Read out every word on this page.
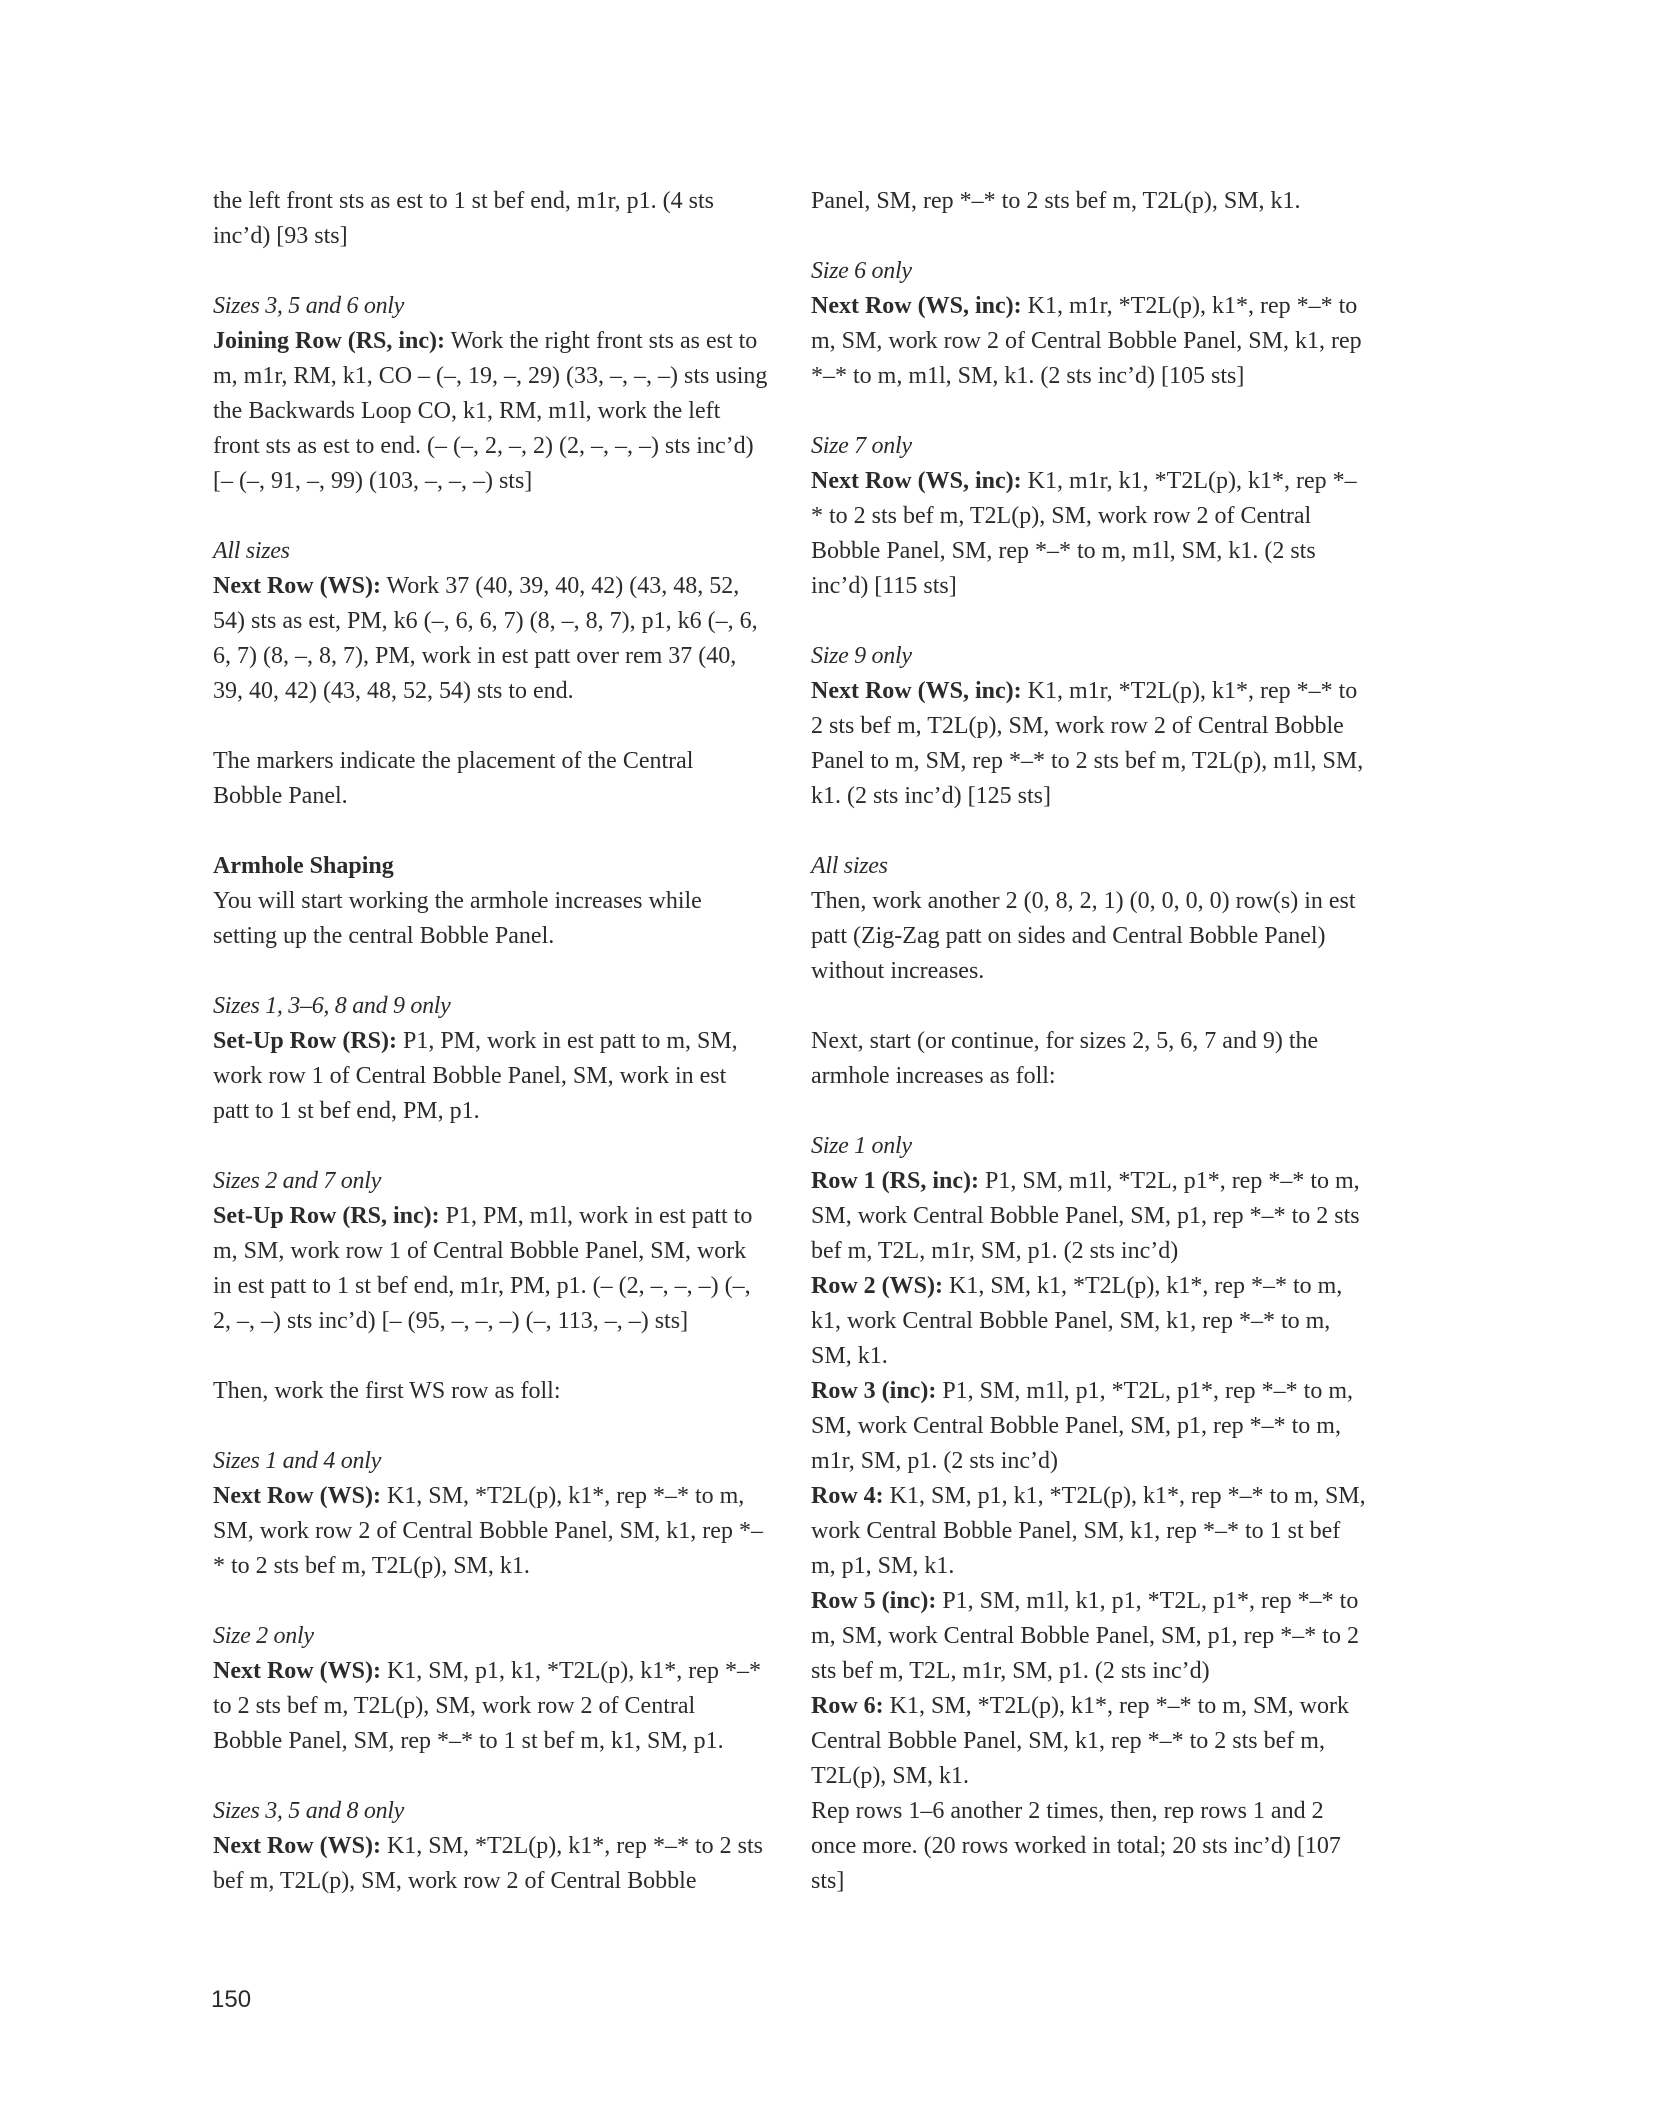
the left front sts as est to 1 st bef end, m1r, p1. (4 sts inc’d) [93 sts]

Sizes 3, 5 and 6 only

Joining Row (RS, inc): Work the right front sts as est to m, m1r, RM, k1, CO – (–, 19, –, 29) (33, –, –, –) sts using the Backwards Loop CO, k1, RM, m1l, work the left front sts as est to end. (– (–, 2, –, 2) (2, –, –, –) sts inc’d) [– (–, 91, –, 99) (103, –, –, –) sts]

All sizes

Next Row (WS): Work 37 (40, 39, 40, 42) (43, 48, 52, 54) sts as est, PM, k6 (–, 6, 6, 7) (8, –, 8, 7), p1, k6 (–, 6, 6, 7) (8, –, 8, 7), PM, work in est patt over rem 37 (40, 39, 40, 42) (43, 48, 52, 54) sts to end.

The markers indicate the placement of the Central Bobble Panel.

Armhole Shaping

You will start working the armhole increases while setting up the central Bobble Panel.

Sizes 1, 3–6, 8 and 9 only

Set-Up Row (RS): P1, PM, work in est patt to m, SM, work row 1 of Central Bobble Panel, SM, work in est patt to 1 st bef end, PM, p1.

Sizes 2 and 7 only

Set-Up Row (RS, inc): P1, PM, m1l, work in est patt to m, SM, work row 1 of Central Bobble Panel, SM, work in est patt to 1 st bef end, m1r, PM, p1. (– (2, –, –, –) (–, 2, –, –) sts inc’d) [– (95, –, –, –) (–, 113, –, –) sts]

Then, work the first WS row as foll:

Sizes 1 and 4 only

Next Row (WS): K1, SM, *T2L(p), k1*, rep *–* to m, SM, work row 2 of Central Bobble Panel, SM, k1, rep *–* to 2 sts bef m, T2L(p), SM, k1.

Size 2 only

Next Row (WS): K1, SM, p1, k1, *T2L(p), k1*, rep *–* to 2 sts bef m, T2L(p), SM, work row 2 of Central Bobble Panel, SM, rep *–* to 1 st bef m, k1, SM, p1.

Sizes 3, 5 and 8 only

Next Row (WS): K1, SM, *T2L(p), k1*, rep *–* to 2 sts bef m, T2L(p), SM, work row 2 of Central Bobble

Panel, SM, rep *–* to 2 sts bef m, T2L(p), SM, k1.

Size 6 only

Next Row (WS, inc): K1, m1r, *T2L(p), k1*, rep *–* to m, SM, work row 2 of Central Bobble Panel, SM, k1, rep *–* to m, m1l, SM, k1. (2 sts inc’d) [105 sts]

Size 7 only

Next Row (WS, inc): K1, m1r, k1, *T2L(p), k1*, rep *–* to 2 sts bef m, T2L(p), SM, work row 2 of Central Bobble Panel, SM, rep *–* to m, m1l, SM, k1. (2 sts inc’d) [115 sts]

Size 9 only

Next Row (WS, inc): K1, m1r, *T2L(p), k1*, rep *–* to 2 sts bef m, T2L(p), SM, work row 2 of Central Bobble Panel to m, SM, rep *–* to 2 sts bef m, T2L(p), m1l, SM, k1. (2 sts inc’d) [125 sts]

All sizes

Then, work another 2 (0, 8, 2, 1) (0, 0, 0, 0) row(s) in est patt (Zig-Zag patt on sides and Central Bobble Panel) without increases.

Next, start (or continue, for sizes 2, 5, 6, 7 and 9) the armhole increases as foll:

Size 1 only

Row 1 (RS, inc): P1, SM, m1l, *T2L, p1*, rep *–* to m, SM, work Central Bobble Panel, SM, p1, rep *–* to 2 sts bef m, T2L, m1r, SM, p1. (2 sts inc’d)

Row 2 (WS): K1, SM, k1, *T2L(p), k1*, rep *–* to m, k1, work Central Bobble Panel, SM, k1, rep *–* to m, SM, k1.

Row 3 (inc): P1, SM, m1l, p1, *T2L, p1*, rep *–* to m, SM, work Central Bobble Panel, SM, p1, rep *–* to m, m1r, SM, p1. (2 sts inc’d)

Row 4: K1, SM, p1, k1, *T2L(p), k1*, rep *–* to m, SM, work Central Bobble Panel, SM, k1, rep *–* to 1 st bef m, p1, SM, k1.

Row 5 (inc): P1, SM, m1l, k1, p1, *T2L, p1*, rep *–* to m, SM, work Central Bobble Panel, SM, p1, rep *–* to 2 sts bef m, T2L, m1r, SM, p1. (2 sts inc’d)

Row 6: K1, SM, *T2L(p), k1*, rep *–* to m, SM, work Central Bobble Panel, SM, k1, rep *–* to 2 sts bef m, T2L(p), SM, k1.

Rep rows 1–6 another 2 times, then, rep rows 1 and 2 once more. (20 rows worked in total; 20 sts inc’d) [107 sts]

150
